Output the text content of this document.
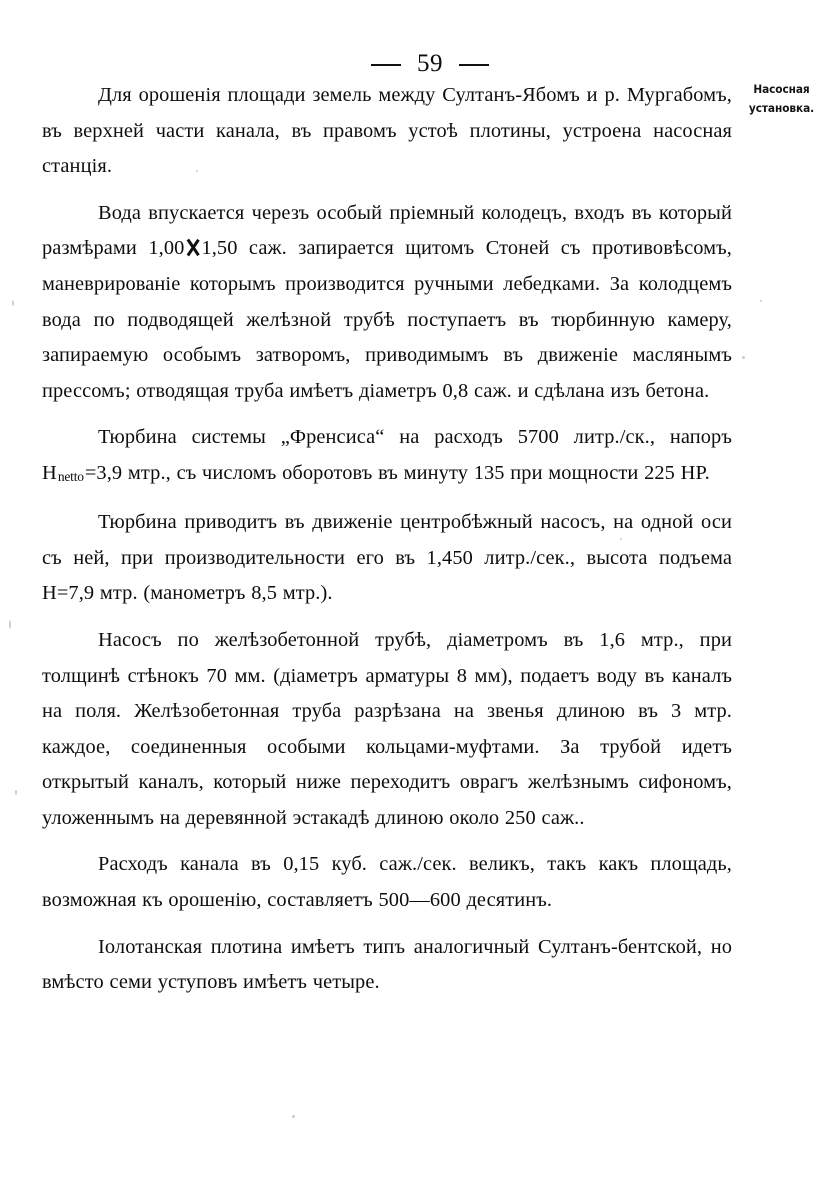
59

Насосная
установка.

Для орошенія площади земель между Султанъ-Ябомъ и р. Мургабомъ, въ верхней части канала, въ правомъ устоѣ плотины, устроена насосная станція.

Вода впускается черезъ особый пріемный колодецъ, входъ въ который размѣрами 1,00 1,50 саж. запирается щитомъ Стоней съ противовѣсомъ, маневрированіе которымъ производится ручными лебедками. За колодцемъ вода по подводящей желѣзной трубѣ поступаетъ въ тюрбинную камеру, запираемую особымъ затворомъ, приводимымъ въ движеніе маслянымъ прессомъ; отводящая труба имѣетъ діаметръ 0,8 саж. и сдѣлана изъ бетона.

Тюрбина системы „Френсиса“ на расходъ 5700 литр./ск., напоръ Hnetto=3,9 мтр., съ числомъ оборотовъ въ минуту 135 при мощности 225 HP.

Тюрбина приводитъ въ движеніе центробѣжный насосъ, на одной оси съ ней, при производительности его въ 1,450 литр./сек., высота подъема H=7,9 мтр. (манометръ 8,5 мтр.).

Насосъ по желѣзобетонной трубѣ, діаметромъ въ 1,6 мтр., при толщинѣ стѣнокъ 70 мм. (діаметръ арматуры 8 мм), подаетъ воду въ каналъ на поля. Желѣзобетонная труба разрѣзана на звенья длиною въ 3 мтр. каждое, соединенныя особыми кольцами-муфтами. За трубой идетъ открытый каналъ, который ниже переходитъ оврагъ желѣзнымъ сифономъ, уложеннымъ на деревянной эстакадѣ длиною около 250 саж..

Расходъ канала въ 0,15 куб. саж./сек. великъ, такъ какъ площадь, возможная къ орошенію, составляетъ 500—600 десятинъ.

Іолотанская плотина имѣетъ типъ аналогичный Султанъ-бентской, но вмѣсто семи уступовъ имѣетъ четыре.
